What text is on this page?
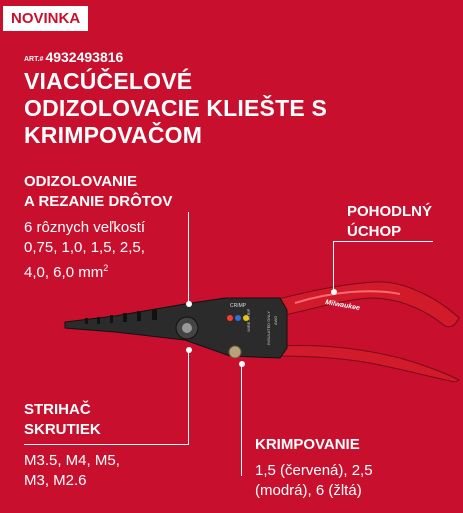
NOVINKA
ART.# 4932493816
VIACÚČELOVÉ
ODIZOLOVACIE KLIEŠTE S
KRIMPOVAČOM
ODIZOLOVANIE
A REZANIE DRÔTOV
6 rôznych veľkostí
0,75, 1,0, 1,5, 2,5,
4,0, 6,0 $mm^2$
POHODLNÝ
ÚCHOP
STRIHAČ
SKRUTIEK
M3.5, M4, M5,
M3, M2.6
KRIMPOVANIE
1,5 (červená), 2,5
(modrá), 6 (žltá)
CRIMP
WIRE STRIP	INSULATED ONLY AWG
Milwaukee
